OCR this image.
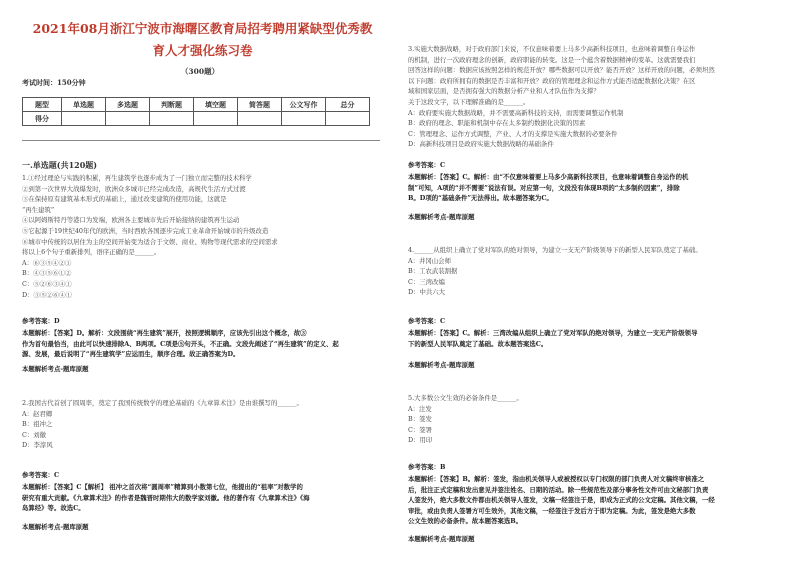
2021年08月浙江宁波市海曙区教育局招考聘用紧缺型优秀教
育人才强化练习卷
（300题）
考试时间：150分钟
题型	单选题	多选题	判断题	填空题	简答题	公文写作	总分
得分							
一.单选题(共120题)
1.①经过理论与实践的积累，再生建筑学也逐步成为了一门独立而完整的技术科学
②到第一次世界大战爆发时，欧洲众多城市已经完成改造，高规代生活方式过渡
③在保持原有建筑基本形式的基础上，通过改变建筑的使用功能，这就是
“再生建筑”
④以阿姆斯特丹等港口为发端，欧洲各主要城市先后开始接纳的建筑再生运动
⑤它起源于19世纪40年代的欧洲，当时西欧各国逐步完成工业革命开始城市的升级改造
⑥城市中传统的以居住为主的空间开始变为适合于文娱、商业、购物等现代需求的空间需求
将以上6个句子重新排列，语序正确的是______。
A：⑥③⑤④②①
B：④③⑤⑥①②
C：⑤②⑥③④①
D：③⑤②⑥④①
参考答案：D
本题解析：【答案】D。解析：文段围绕“再生建筑”展开，按照逻辑顺序，应该先引出这个概念，故③
作为首句最恰当，由此可以快速排除A、B两项。C项是⑤句开头，不正确。文段先阐述了“再生建筑”的定义、起
源、发展，最后说明了“再生建筑学”应运而生，顺序合理。故正确答案为D。
本题解析考点-题库原题
2.我国古代首创了圆周率，奠定了我国传统数学的理论基础的《九章算术注》是由谁撰写的______。
A：赵君卿
B：祖冲之
C：刘徽
D：李淳风
参考答案：C
本题解析：【答案】C【解析】 祖冲之首次将“圆周率”精算到小数第七位，他提出的“祖率”对数学的
研究有重大贡献。《九章算术注》的作者是魏晋时期伟大的数学家刘徽。他的著作有《九章算术注》《海
岛算经》等。故选C。
本题解析考点-题库原题
3.实施大数据战略，对于政府部门来说，不仅意味着要上马多少高新科技项目，也意味着调整自身运作
的机制，进行一次政府理念的创新，政府职能的转变。这是一个蕴含着数据精神的变革。这就需要我们
回答这样的问题：数据应该按照怎样的规范开放？哪些数据可以开放？能否开放？这样开放的问题，必须坦然
以下问题：政府所拥有的数据是否丰富和开放？政府的管理理念和运作方式能否适配数据化决策？在区
域和国家层面，是否拥有强大的数据分析产业和人才队伍作为支撑？
关于这段文字，以下理解准确的是______。
A：政府要实施大数据战略，并不需要高新科技的支持，而需要调整运作机制
B：政府的理念、职能和机制中存在太多制约数据化决策的因素
C：管理理念、运作方式调整，产业、人才的支撑是实施大数据的必要条件
D：高新科技项目是政府实施大数据战略的基础条件
参考答案：C
本题解析：【答案】C。解析：由“不仅意味着要上马多少高新科技项目，也意味着调整自身运作的机
制”可知，A项的“并不需要”说法有误。对应第一句，文段没有体现B项的“太多制约因素”，排除
B。D项的“基础条件”无法得出。故本题答案为C。
本题解析考点-题库原题
4.______从组织上确立了党对军队的绝对领导，为建立一支无产阶级领导下的新型人民军队奠定了基础。
A：井冈山会师
B：工农武装割据
C：三湾改编
D：中共六大
参考答案：C
本题解析：【答案】C。解析：三湾改编从组织上确立了党对军队的绝对领导，为建立一支无产阶级领导
下的新型人民军队奠定了基础。故本题答案选C。
本题解析考点-题库原题
5.大多数公文生效的必备条件是______。
A：注发
B：签发
C：签署
D：用印
参考答案：B
本题解析：【答案】B。解析：签发，指由机关领导人或被授权以专门权限的部门负责人对文稿终审核准之
后，批注正式定稿和发出意见并签注姓名、日期的活动。除一些规范性及部分事务性文件可由文秘部门负责
人签发外，绝大多数文件都由机关领导人签发，文稿一经签注于是，即成为正式的公文定稿。其他文稿，一经
审批，或由负责人签署方可生效外，其他文稿，一经签注于发后方于即为定稿。为此，签发是绝大多数
公文生效的必备条件。故本题答案选B。
本题解析考点-题库原题
